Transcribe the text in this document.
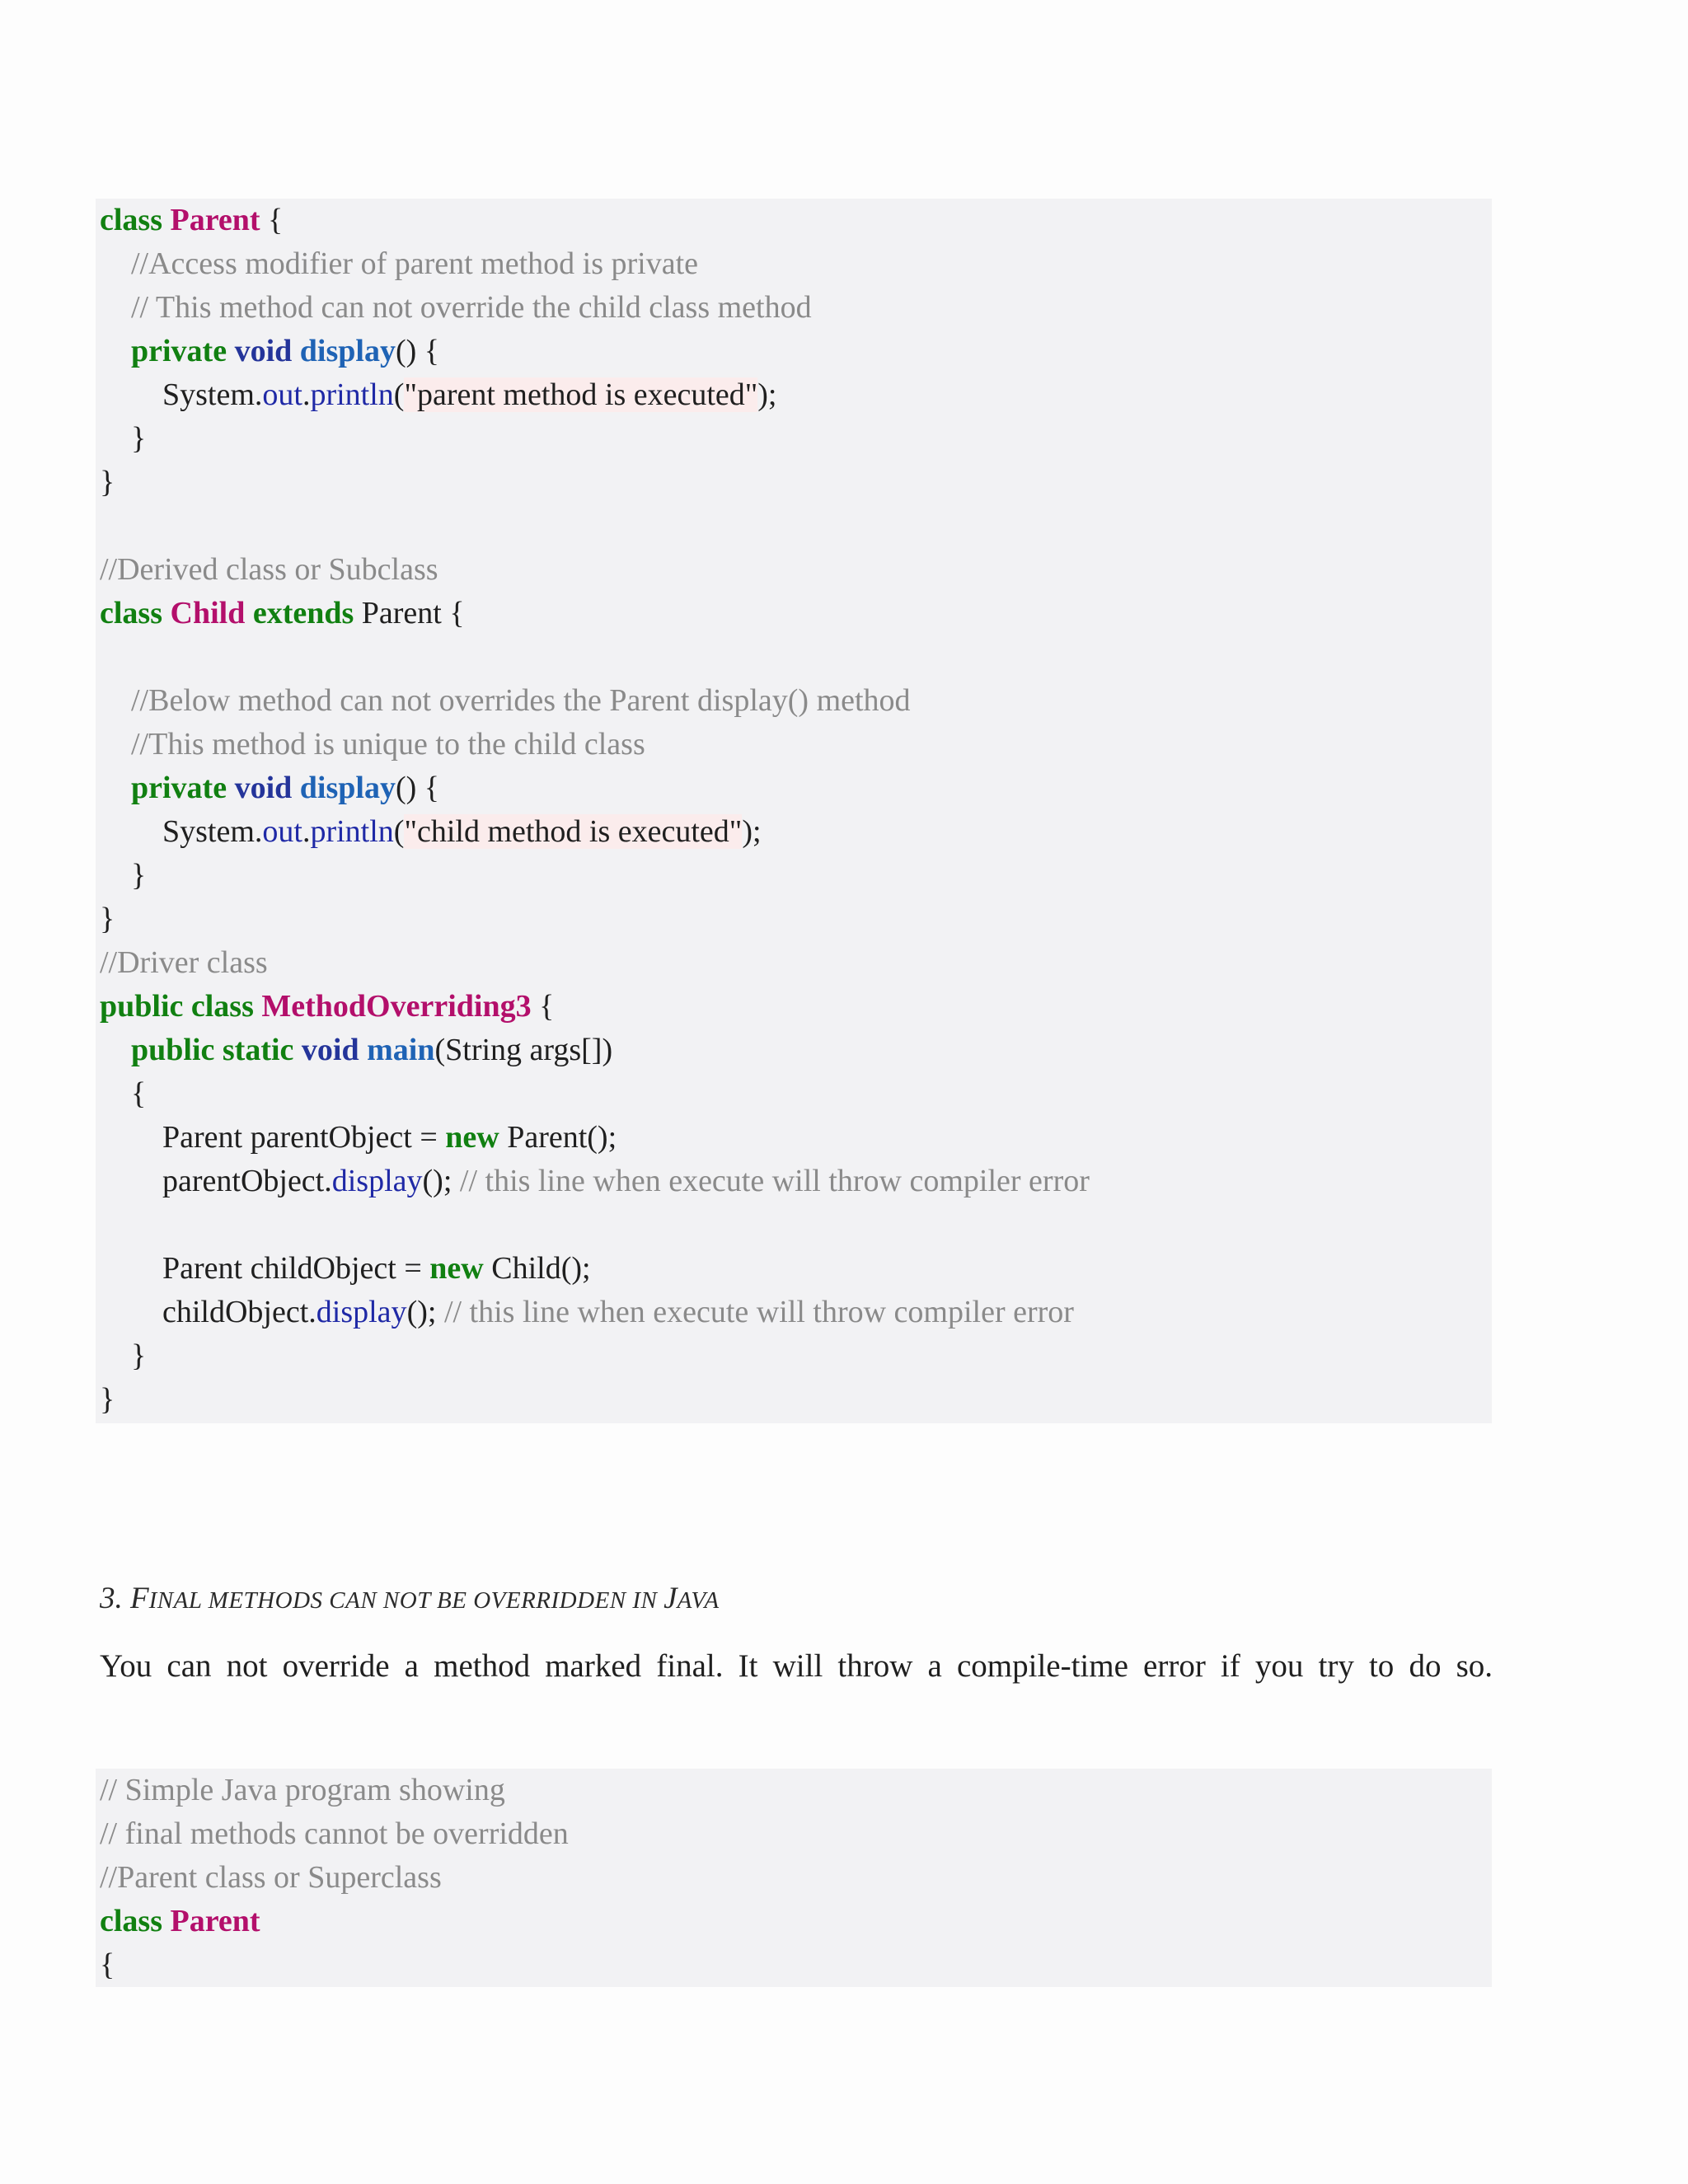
class Parent {
//Access modifier of parent method is private
// This method can not override the child class method
private void display() {
System.out.println("parent method is executed");
}
}
//Derived class or Subclass
class Child extends Parent {
//Below method can not overrides the Parent display() method
//This method is unique to the child class
private void display() {
System.out.println("child method is executed");
}
}
//Driver class
public class MethodOverriding3 {
public static void main(String args[])
{
Parent parentObject = new Parent();
parentObject.display(); // this line when execute will throw compiler error
Parent childObject = new Child();
childObject.display(); // this line when execute will throw compiler error
}
}
3. FINAL METHODS CAN NOT BE OVERRIDDEN IN JAVA
You can not override a method marked final. It will throw a compile-time error if you try to do so.
// Simple Java program showing
// final methods cannot be overridden
//Parent class or Superclass
class Parent
{
